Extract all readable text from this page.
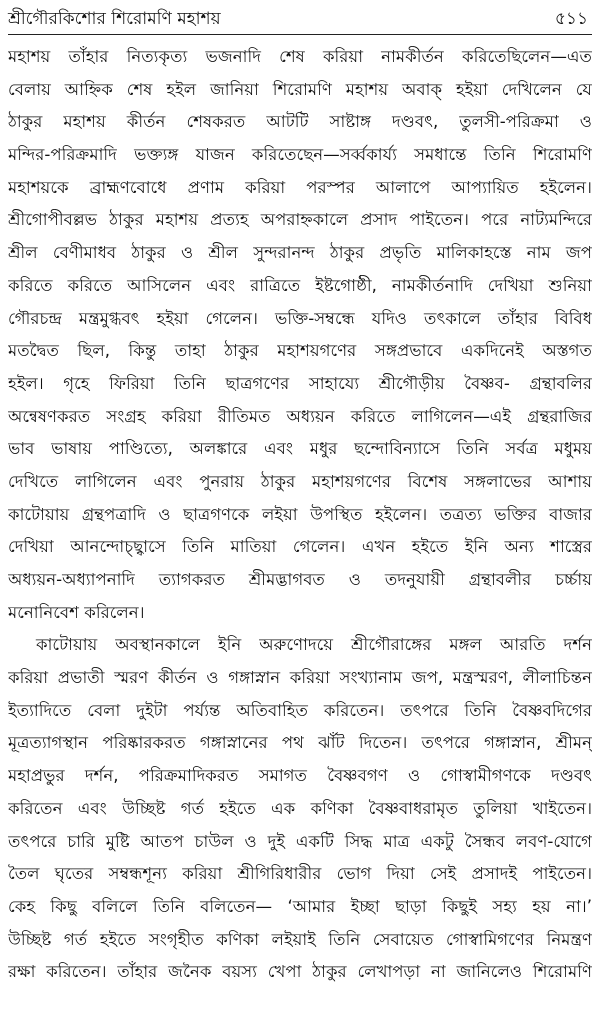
শ্রীগৌরকিশোর শিরোমণি মহাশয়	৫১১
মহাশয় তাঁহার নিত্যকৃত্য ভজনাদি শেষ করিয়া নামকীর্তন করিতেছিলেন—এত
বেলায় আহ্নিক শেষ হইল জানিয়া শিরোমণি মহাশয় অবাক্ হইয়া দেখিলেন যে
ঠাকুর মহাশয় কীর্তন শেষকরত আটটি সাষ্টাঙ্গ দণ্ডবৎ, তুলসী-পরিক্রমা ও
মন্দির-পরিক্রমাদি ভক্ত্যঙ্গ যাজন করিতেছেন—সর্ব্বকার্য্য সমধান্তে তিনি শিরোমণি
মহাশয়কে ব্রাহ্মণবোধে প্রণাম করিয়া পরস্পর আলাপে আপ্যায়িত হইলেন।
শ্রীগোপীবল্লভ ঠাকুর মহাশয় প্রত্যহ অপরাহ্নকালে প্রসাদ পাইতেন। পরে নাট্যমন্দিরে
শ্রীল বেণীমাধব ঠাকুর ও শ্রীল সুন্দরানন্দ ঠাকুর প্রভৃতি মালিকাহস্তে নাম জপ
করিতে করিতে আসিলেন এবং রাত্রিতে ইষ্টগোষ্ঠী, নামকীর্তনাদি দেখিয়া শুনিয়া
গৌরচন্দ্র মন্ত্রমুগ্ধবৎ হইয়া গেলেন। ভক্তি-সম্বন্ধে যদিও তৎকালে তাঁহার বিবিধ
মতদ্বৈত ছিল, কিন্তু তাহা ঠাকুর মহাশয়গণের সঙ্গপ্রভাবে একদিনেই অস্তগত
হইল। গৃহে ফিরিয়া তিনি ছাত্রগণের সাহায্যে শ্রীগৌড়ীয় বৈষ্ণব- গ্রন্থাবলির
অন্বেষণকরত সংগ্রহ করিয়া রীতিমত অধ্যয়ন করিতে লাগিলেন—এই গ্রন্থরাজির
ভাব ভাষায় পাণ্ডিত্যে, অলঙ্কারে এবং মধুর ছন্দোবিন্যাসে তিনি সর্বত্র মধুময়
দেখিতে লাগিলেন এবং পুনরায় ঠাকুর মহাশয়গণের বিশেষ সঙ্গলাভের আশায়
কাটোয়ায় গ্রন্থপত্রাদি ও ছাত্রগণকে লইয়া উপস্থিত হইলেন। তত্রত্য ভক্তির বাজার
দেখিয়া আনন্দোচ্ছ্বাসে তিনি মাতিয়া গেলেন। এখন হইতে ইনি অন্য শাস্ত্রের
অধ্যয়ন-অধ্যাপনাদি ত্যাগকরত শ্রীমদ্ভাগবত ও তদনুযায়ী গ্রন্থাবলীর চর্চ্চায়
মনোনিবেশ করিলেন।
কাটোয়ায় অবস্থানকালে ইনি অরুণোদয়ে শ্রীগৌরাঙ্গের মঙ্গল আরতি দর্শন
করিয়া প্রভাতী স্মরণ কীর্তন ও গঙ্গাস্নান করিয়া সংখ্যানাম জপ, মন্ত্রস্মরণ, লীলাচিন্তন
ইত্যাদিতে বেলা দুইটা পর্য্যন্ত অতিবাহিত করিতেন। তৎপরে তিনি বৈষ্ণবদিগের
মূত্রত্যাগস্থান পরিষ্কারকরত গঙ্গাস্নানের পথ ঝাঁট দিতেন। তৎপরে গঙ্গাস্নান, শ্রীমন্
মহাপ্রভুর দর্শন, পরিক্রমাদিকরত সমাগত বৈষ্ণবগণ ও গোস্বামীগণকে দণ্ডবৎ
করিতেন এবং উচ্ছিষ্ট গর্ত হইতে এক কণিকা বৈষ্ণবাধরামৃত তুলিয়া খাইতেন।
তৎপরে চারি মুষ্টি আতপ চাউল ও দুই একটি সিদ্ধ মাত্র একটু সৈন্ধব লবণ-যোগে
তৈল ঘৃতের সম্বন্ধশূন্য করিয়া শ্রীগিরিধারীর ভোগ দিয়া সেই প্রসাদই পাইতেন।
কেহ কিছু বলিলে তিনি বলিতেন— ‘আমার ইচ্ছা ছাড়া কিছুই সহ্য হয় না।’
উচ্ছিষ্ট গর্ত হইতে সংগৃহীত কণিকা লইয়াই তিনি সেবায়েত গোস্বামিগণের নিমন্ত্রণ
রক্ষা করিতেন। তাঁহার জনৈক বয়স্য খেপা ঠাকুর লেখাপড়া না জানিলেও শিরোমণি
